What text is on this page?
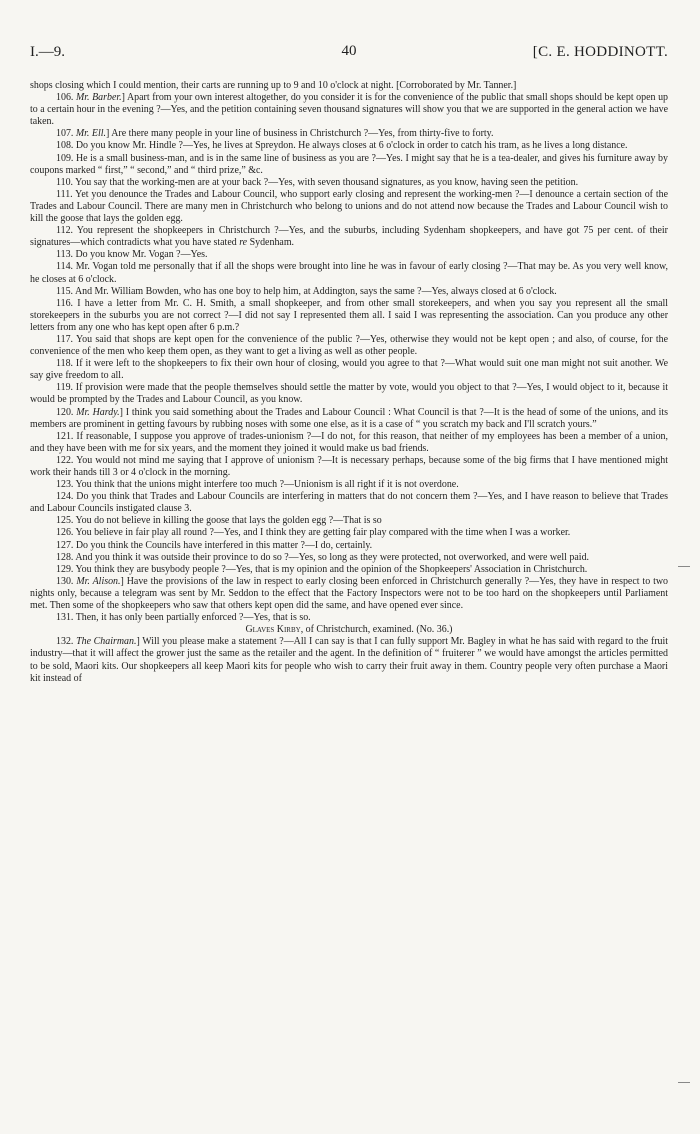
I.—9.	40	[C. E. HODDINOTT.

shops closing which I could mention, their carts are running up to 9 and 10 o'clock at night. [Corroborated by Mr. Tanner.]

106. Mr. Barber.] Apart from your own interest altogether, do you consider it is for the convenience of the public that small shops should be kept open up to a certain hour in the evening ?—Yes, and the petition containing seven thousand signatures will show you that we are supported in the general action we have taken.

107. Mr. Ell.] Are there many people in your line of business in Christchurch ?—Yes, from thirty-five to forty.

108. Do you know Mr. Hindle ?—Yes, he lives at Spreydon. He always closes at 6 o'clock in order to catch his tram, as he lives a long distance.

109. He is a small business-man, and is in the same line of business as you are ?—Yes. I might say that he is a tea-dealer, and gives his furniture away by coupons marked “ first,” “ second,” and “ third prize,” &c.

110. You say that the working-men are at your back ?—Yes, with seven thousand signatures, as you know, having seen the petition.

111. Yet you denounce the Trades and Labour Council, who support early closing and represent the working-men ?—I denounce a certain section of the Trades and Labour Council. There are many men in Christchurch who belong to unions and do not attend now because the Trades and Labour Council wish to kill the goose that lays the golden egg.

112. You represent the shopkeepers in Christchurch ?—Yes, and the suburbs, including Sydenham shopkeepers, and have got 75 per cent. of their signatures—which contradicts what you have stated re Sydenham.

113. Do you know Mr. Vogan ?—Yes.

114. Mr. Vogan told me personally that if all the shops were brought into line he was in favour of early closing ?—That may be. As you very well know, he closes at 6 o'clock.

115. And Mr. William Bowden, who has one boy to help him, at Addington, says the same ?—Yes, always closed at 6 o'clock.

116. I have a letter from Mr. C. H. Smith, a small shopkeeper, and from other small storekeepers, and when you say you represent all the small storekeepers in the suburbs you are not correct ?—I did not say I represented them all. I said I was representing the association. Can you produce any other letters from any one who has kept open after 6 p.m.?

117. You said that shops are kept open for the convenience of the public ?—Yes, otherwise they would not be kept open ; and also, of course, for the convenience of the men who keep them open, as they want to get a living as well as other people.

118. If it were left to the shopkeepers to fix their own hour of closing, would you agree to that ?—What would suit one man might not suit another. We say give freedom to all.

119. If provision were made that the people themselves should settle the matter by vote, would you object to that ?—Yes, I would object to it, because it would be prompted by the Trades and Labour Council, as you know.

120. Mr. Hardy.] I think you said something about the Trades and Labour Council : What Council is that ?—It is the head of some of the unions, and its members are prominent in getting favours by rubbing noses with some one else, as it is a case of “ you scratch my back and I'll scratch yours.”

121. If reasonable, I suppose you approve of trades-unionism ?—I do not, for this reason, that neither of my employees has been a member of a union, and they have been with me for six years, and the moment they joined it would make us bad friends.

122. You would not mind me saying that I approve of unionism ?—It is necessary perhaps, because some of the big firms that I have mentioned might work their hands till 3 or 4 o'clock in the morning.

123. You think that the unions might interfere too much ?—Unionism is all right if it is not overdone.

124. Do you think that Trades and Labour Councils are interfering in matters that do not concern them ?—Yes, and I have reason to believe that Trades and Labour Councils instigated clause 3.

125. You do not believe in killing the goose that lays the golden egg ?—That is so

126. You believe in fair play all round ?—Yes, and I think they are getting fair play compared with the time when I was a worker.

127. Do you think the Councils have interfered in this matter ?—I do, certainly.

128. And you think it was outside their province to do so ?—Yes, so long as they were protected, not overworked, and were well paid.

129. You think they are busybody people ?—Yes, that is my opinion and the opinion of the Shopkeepers' Association in Christchurch.

130. Mr. Alison.] Have the provisions of the law in respect to early closing been enforced in Christchurch generally ?—Yes, they have in respect to two nights only, because a telegram was sent by Mr. Seddon to the effect that the Factory Inspectors were not to be too hard on the shopkeepers until Parliament met. Then some of the shopkeepers who saw that others kept open did the same, and have opened ever since.

131. Then, it has only been partially enforced ?—Yes, that is so.

Glaves Kirby, of Christchurch, examined. (No. 36.)

132. The Chairman.] Will you please make a statement ?—All I can say is that I can fully support Mr. Bagley in what he has said with regard to the fruit industry—that it will affect the grower just the same as the retailer and the agent. In the definition of “ fruiterer ” we would have amongst the articles permitted to be sold, Maori kits. Our shopkeepers all keep Maori kits for people who wish to carry their fruit away in them. Country people very often purchase a Maori kit instead of
